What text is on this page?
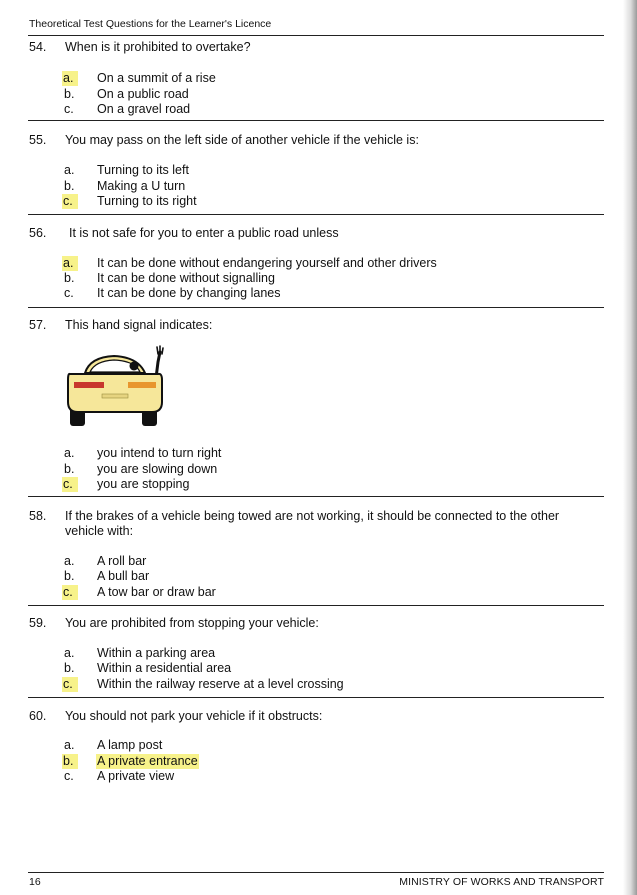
Theoretical Test Questions for the Learner's Licence
54. When is it prohibited to overtake?
a.	On a summit of a rise
b. On a public road
c.	On a gravel road
55. You may pass on the left side of another vehicle if the vehicle is:
a. Turning to its left
b. Making a U turn
c.	Turning to its right
56. It is not safe for you to enter a public road unless
a.	It can be done without endangering yourself and other drivers
b. It can be done without signalling
c.	It can be done by changing lanes
57. This hand signal indicates:
a. you intend to turn right
b. you are slowing down
c.	you are stopping
58. If the brakes of a vehicle being towed are not working, it should be connected to the other vehicle with:
a. A roll bar
b. A bull bar
c.	A tow bar or draw bar
59. You are prohibited from stopping your vehicle:
a. Within a parking area
b. Within a residential area
c.	Within the railway reserve at a level crossing
60. You should not park your vehicle if it obstructs:
a. A lamp post
b.	A private entrance
c.	A private view
16	MINISTRY OF WORKS AND TRANSPORT
